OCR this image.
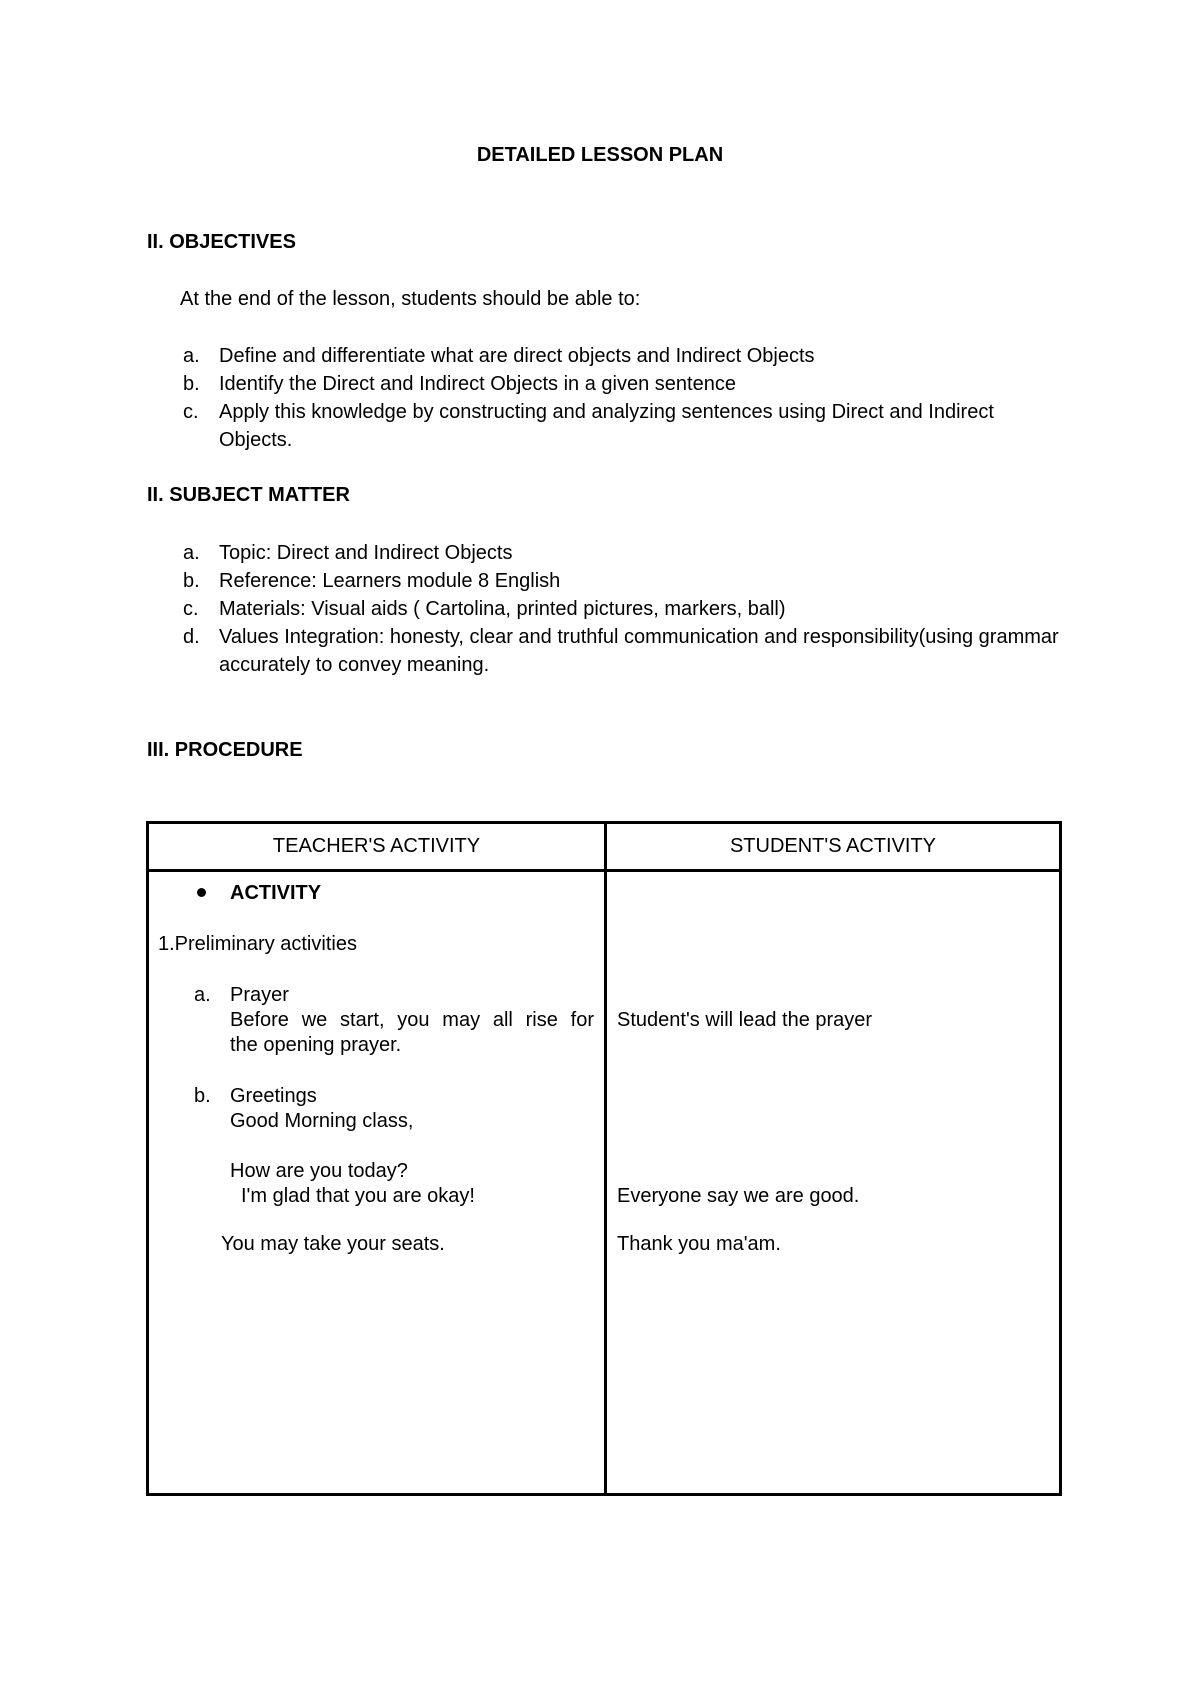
DETAILED LESSON PLAN
II. OBJECTIVES
At the end of the lesson, students should be able to:
a. Define and differentiate what are direct objects and Indirect Objects
b. Identify the Direct and Indirect Objects in a given sentence
c. Apply this knowledge by constructing and analyzing sentences using Direct and Indirect Objects.
II. SUBJECT MATTER
a. Topic: Direct and Indirect Objects
b. Reference: Learners module 8 English
c. Materials: Visual aids ( Cartolina, printed pictures, markers, ball)
d. Values Integration: honesty, clear and truthful communication and responsibility(using grammar accurately to convey meaning.
III. PROCEDURE
TEACHER'S ACTIVITY	STUDENT'S ACTIVITY
ACTIVITY
1.Preliminary activities
a. Prayer
Before we start, you may all rise for
the opening prayer.
b. Greetings
Good Morning class,
How are you today?
I'm glad that you are okay!
You may take your seats.
Student's will lead the prayer
Everyone say we are good.
Thank you ma'am.
